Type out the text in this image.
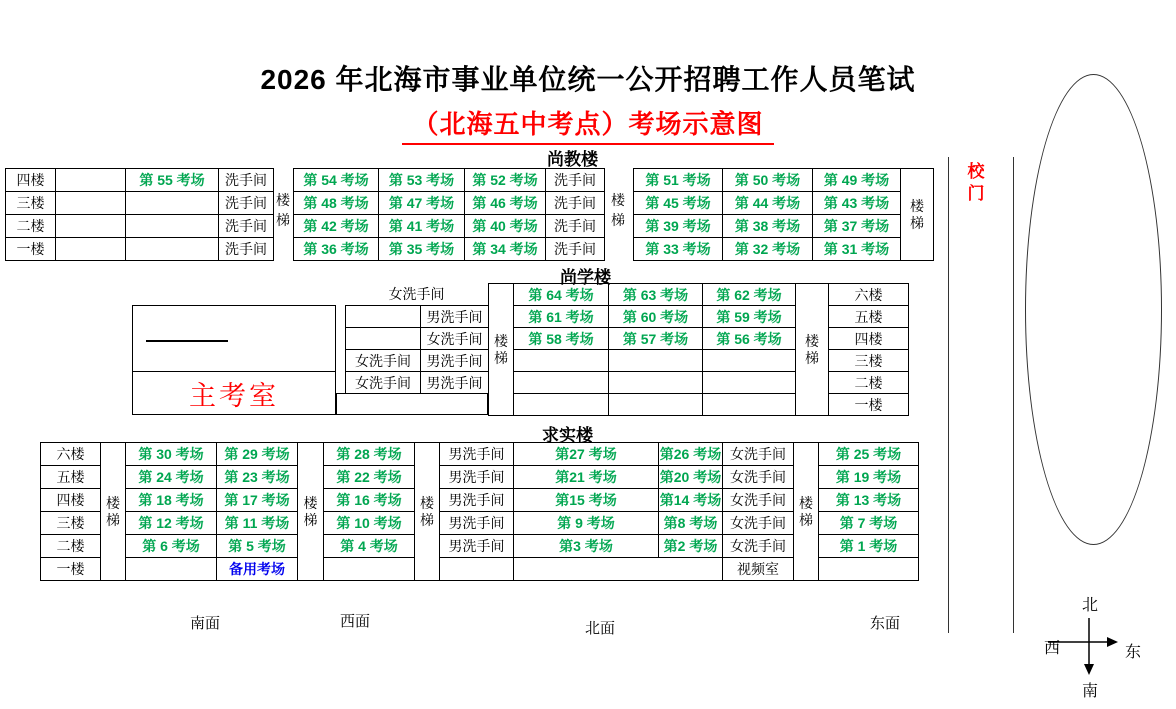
2026 年北海市事业单位统一公开招聘工作人员笔试
（北海五中考点）考场示意图
尚教楼
四楼		第 55 考场	洗手间
三楼			洗手间
二楼			洗手间
一楼			洗手间
楼梯
第 54 考场	第 53 考场	第 52 考场	洗手间
第 48 考场	第 47 考场	第 46 考场	洗手间
第 42 考场	第 41 考场	第 40 考场	洗手间
第 36 考场	第 35 考场	第 34 考场	洗手间
楼梯
第 51 考场	第 50 考场	第 49 考场	楼梯
第 45 考场	第 44 考场	第 43 考场	
第 39 考场	第 38 考场	第 37 考场	
第 33 考场	第 32 考场	第 31 考场	
尚学楼
主考室
女洗手间
	男洗手间
	女洗手间
女洗手间	男洗手间
女洗手间	男洗手间
楼梯	第 64 考场	第 63 考场	第 62 考场	楼梯	六楼
	第 61 考场	第 60 考场	第 59 考场		五楼
	第 58 考场	第 57 考场	第 56 考场		四楼
					三楼
					二楼
					一楼
求实楼
六楼	楼梯	第 30 考场	第 29 考场	楼梯	第 28 考场	楼梯	男洗手间	第27 考场	第26 考场	女洗手间	楼梯	第 25 考场
五楼		第 24 考场	第 23 考场		第 22 考场		男洗手间	第21 考场	第20 考场	女洗手间		第 19 考场
四楼		第 18 考场	第 17 考场		第 16 考场		男洗手间	第15 考场	第14 考场	女洗手间		第 13 考场
三楼		第 12 考场	第 11 考场		第 10 考场		男洗手间	第 9 考场	第8 考场	女洗手间		第 7 考场
二楼		第 6 考场	第 5 考场		第 4 考场		男洗手间	第3 考场	第2 考场	女洗手间		第 1 考场
一楼			备用考场							视频室		
南面	西面	北面	东面
校门
北
西	东
南
